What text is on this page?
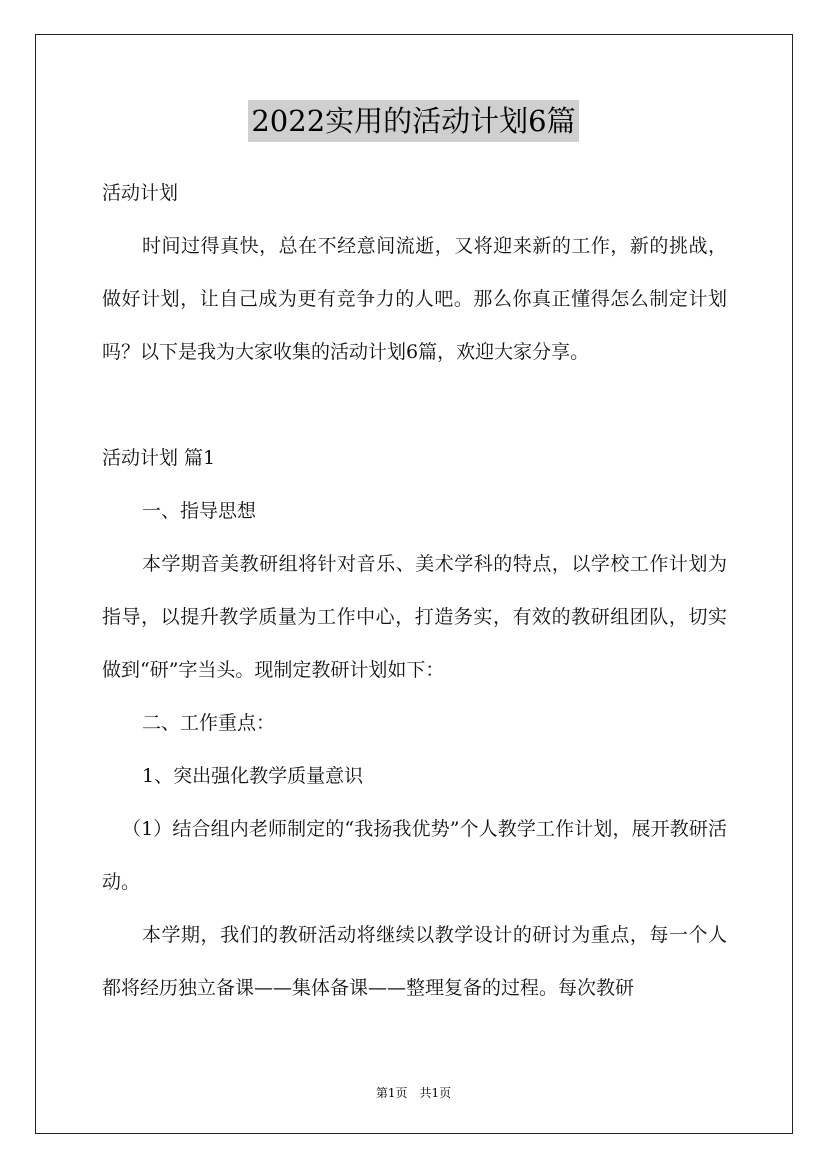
2022实用的活动计划6篇

活动计划

时间过得真快，总在不经意间流逝，又将迎来新的工作，新的挑战，做好计划，让自己成为更有竞争力的人吧。那么你真正懂得怎么制定计划吗？以下是我为大家收集的活动计划6篇，欢迎大家分享。

活动计划 篇1

一、指导思想

本学期音美教研组将针对音乐、美术学科的特点，以学校工作计划为指导，以提升教学质量为工作中心，打造务实，有效的教研组团队，切实做到“研”字当头。现制定教研计划如下：

二、工作重点：

1、突出强化教学质量意识

（1）结合组内老师制定的“我扬我优势”个人教学工作计划，展开教研活动。

本学期，我们的教研活动将继续以教学设计的研讨为重点，每一个人都将经历独立备课——集体备课——整理复备的过程。每次教研

第1页　共1页
